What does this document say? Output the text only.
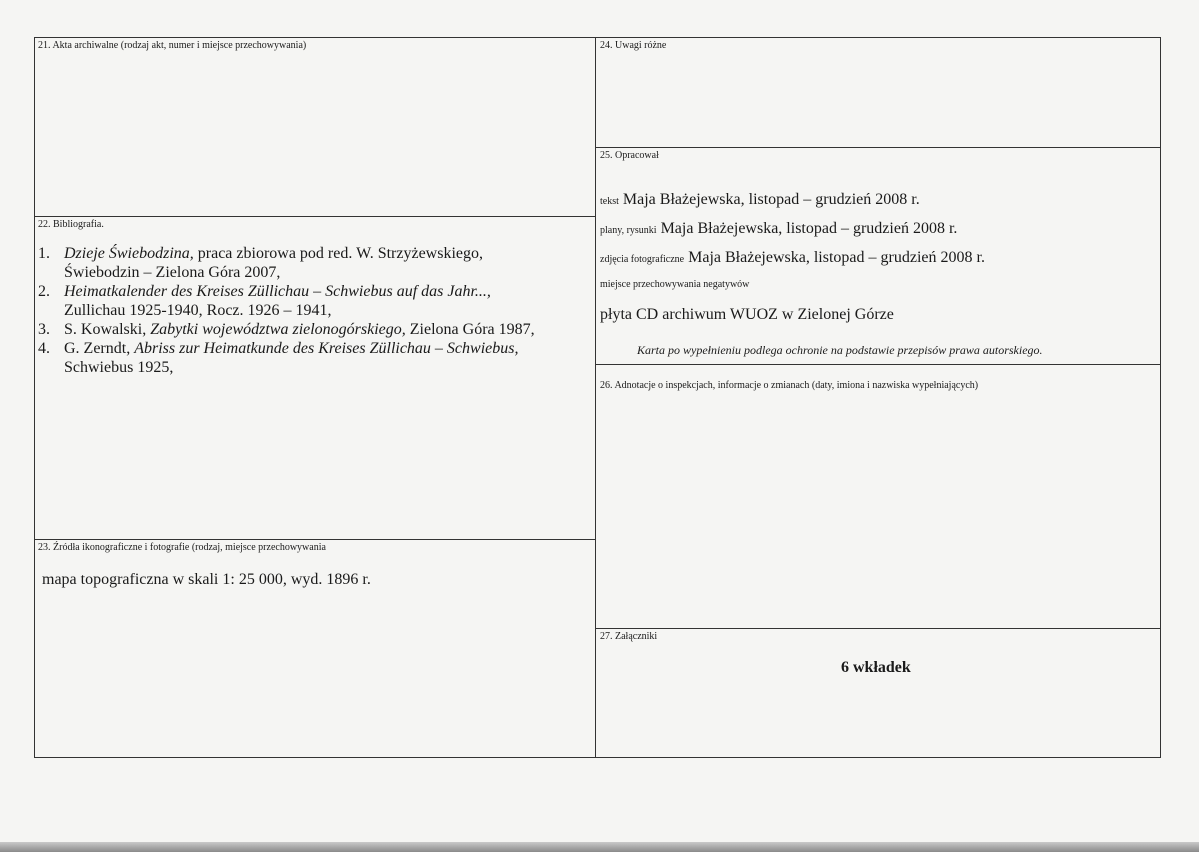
21. Akta archiwalne (rodzaj akt, numer i miejsce przechowywania)
22. Bibliografia.
1. Dzieje Świebodzina, praca zbiorowa pod red. W. Strzyżewskiego,
Świebodzin – Zielona Góra 2007,
2. Heimatkalender des Kreises Züllichau – Schwiebus auf das Jahr...,
Zullichau 1925-1940, Rocz. 1926 – 1941,
3. S. Kowalski, Zabytki województwa zielonogórskiego, Zielona Góra 1987,
4. G. Zerndt, Abriss zur Heimatkunde des Kreises Züllichau – Schwiebus,
Schwiebus 1925,
23. Źródła ikonograficzne i fotografie (rodzaj, miejsce przechowywania
mapa topograficzna w skali 1: 25 000, wyd. 1896 r.
24. Uwagi różne
25. Opracował
tekst Maja Błażejewska, listopad – grudzień 2008 r.
plany, rysunki Maja Błażejewska, listopad – grudzień 2008 r.
zdjęcia fotograficzne Maja Błażejewska, listopad – grudzień 2008 r.
miejsce przechowywania negatywów
płyta CD archiwum WUOZ w Zielonej Górze
Karta po wypełnieniu podlega ochronie na podstawie przepisów prawa autorskiego.
26. Adnotacje o inspekcjach, informacje o zmianach (daty, imiona i nazwiska wypełniających)
27. Załączniki
6 wkładek
